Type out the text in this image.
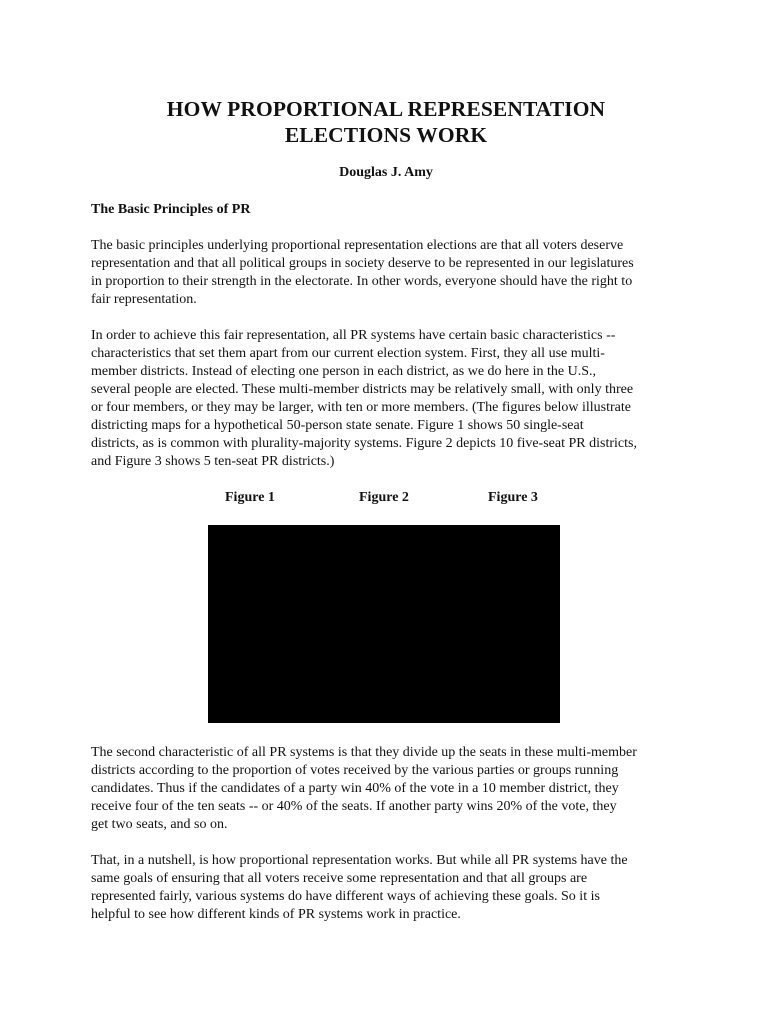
HOW PROPORTIONAL REPRESENTATION
ELECTIONS WORK
Douglas J. Amy
The Basic Principles of PR
The basic principles underlying proportional representation elections are that all voters deserve
representation and that all political groups in society deserve to be represented in our legislatures
in proportion to their strength in the electorate. In other words, everyone should have the right to
fair representation.
In order to achieve this fair representation, all PR systems have certain basic characteristics --
characteristics that set them apart from our current election system. First, they all use multi-
member districts. Instead of electing one person in each district, as we do here in the U.S.,
several people are elected. These multi-member districts may be relatively small, with only three
or four members, or they may be larger, with ten or more members. (The figures below illustrate
districting maps for a hypothetical 50-person state senate. Figure 1 shows 50 single-seat
districts, as is common with plurality-majority systems. Figure 2 depicts 10 five-seat PR districts,
and Figure 3 shows 5 ten-seat PR districts.)
Figure 1	Figure 2	Figure 3
The second characteristic of all PR systems is that they divide up the seats in these multi-member
districts according to the proportion of votes received by the various parties or groups running
candidates. Thus if the candidates of a party win 40% of the vote in a 10 member district, they
receive four of the ten seats -- or 40% of the seats. If another party wins 20% of the vote, they
get two seats, and so on.
That, in a nutshell, is how proportional representation works. But while all PR systems have the
same goals of ensuring that all voters receive some representation and that all groups are
represented fairly, various systems do have different ways of achieving these goals. So it is
helpful to see how different kinds of PR systems work in practice.
